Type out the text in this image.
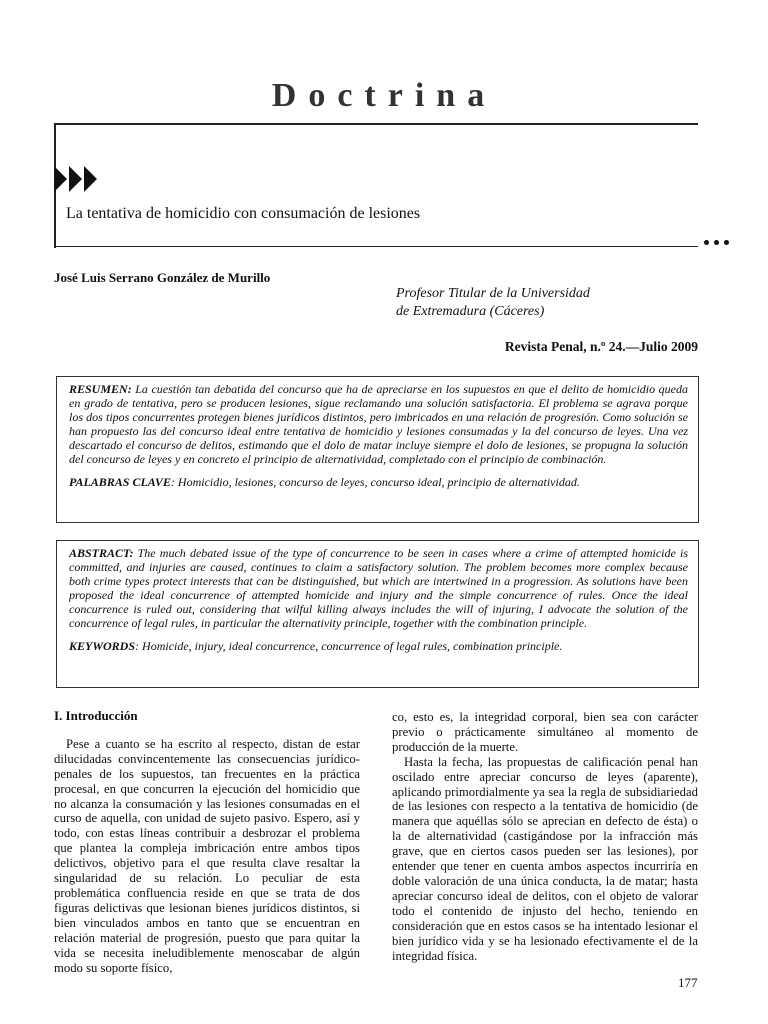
Doctrina
La tentativa de homicidio con consumación de lesiones
José Luis Serrano González de Murillo
Profesor Titular de la Universidad
de Extremadura (Cáceres)
Revista Penal, n.º 24.—Julio 2009

RESUMEN: La cuestión tan debatida del concurso que ha de apreciarse en los supuestos en que el delito de homicidio queda en grado de tentativa, pero se producen lesiones, sigue reclamando una solución satisfactoria. El problema se agrava porque los dos tipos concurrentes protegen bienes jurídicos distintos, pero imbricados en una relación de progresión. Como solución se han propuesto las del concurso ideal entre tentativa de homicidio y lesiones consumadas y la del concurso de leyes. Una vez descartado el concurso de delitos, estimando que el dolo de matar incluye siempre el dolo de lesiones, se propugna la solución del concurso de leyes y en concreto el principio de alternatividad, completado con el principio de combinación.

PALABRAS CLAVE: Homicidio, lesiones, concurso de leyes, concurso ideal, principio de alternatividad.

ABSTRACT: The much debated issue of the type of concurrence to be seen in cases where a crime of attempted homicide is committed, and injuries are caused, continues to claim a satisfactory solution. The problem becomes more complex because both crime types protect interests that can be distinguished, but which are intertwined in a progression. As solutions have been proposed the ideal concurrence of attempted homicide and injury and the simple concurrence of rules. Once the ideal concurrence is ruled out, considering that wilful killing always includes the will of injuring, I advocate the solution of the concurrence of legal rules, in particular the alternativity principle, together with the combination principle.

KEYWORDS: Homicide, injury, ideal concurrence, concurrence of legal rules, combination principle.

I. Introducción

Pese a cuanto se ha escrito al respecto, distan de estar dilucidadas convincentemente las consecuencias jurídico-penales de los supuestos, tan frecuentes en la práctica procesal, en que concurren la ejecución del homicidio que no alcanza la consumación y las lesiones consumadas en el curso de aquella, con unidad de sujeto pasivo. Espero, así y todo, con estas líneas contribuir a desbrozar el problema que plantea la compleja imbricación entre ambos tipos delictivos, objetivo para el que resulta clave resaltar la singularidad de su relación. Lo peculiar de esta problemática confluencia reside en que se trata de dos figuras delictivas que lesionan bienes jurídicos distintos, si bien vinculados ambos en tanto que se encuentran en relación material de progresión, puesto que para quitar la vida se necesita ineludiblemente menoscabar de algún modo su soporte físico,

co, esto es, la integridad corporal, bien sea con carácter previo o prácticamente simultáneo al momento de producción de la muerte.

Hasta la fecha, las propuestas de calificación penal han oscilado entre apreciar concurso de leyes (aparente), aplicando primordialmente ya sea la regla de subsidiariedad de las lesiones con respecto a la tentativa de homicidio (de manera que aquéllas sólo se aprecian en defecto de ésta) o la de alternatividad (castigándose por la infracción más grave, que en ciertos casos pueden ser las lesiones), por entender que tener en cuenta ambos aspectos incurriría en doble valoración de una única conducta, la de matar; hasta apreciar concurso ideal de delitos, con el objeto de valorar todo el contenido de injusto del hecho, teniendo en consideración que en estos casos se ha intentado lesionar el bien jurídico vida y se ha lesionado efectivamente el de la integridad física.

177
